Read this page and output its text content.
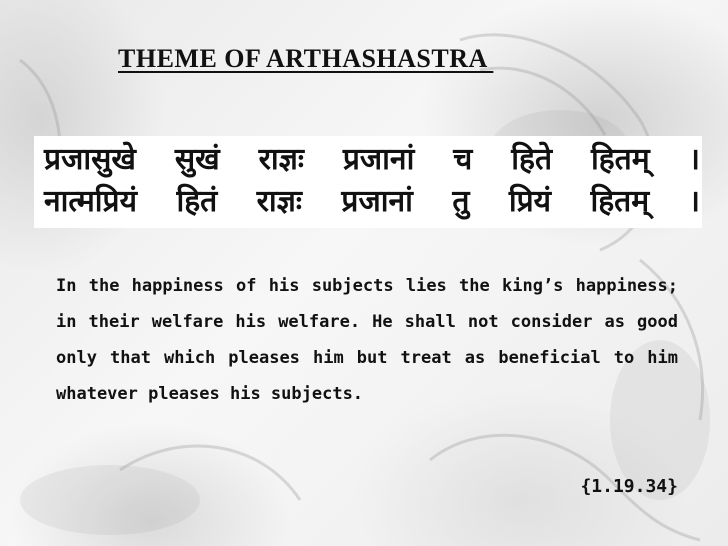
THEME OF ARTHASHASTRA

प्रजासुखे सुखं राज्ञः प्रजानां च हिते हितम् ।

नात्मप्रियं हितं राज्ञः प्रजानां तु प्रियं हितम् ।

In the happiness of his subjects lies the king’s happiness; in their welfare his welfare. He shall not consider as good only that which pleases him but treat as beneficial to him whatever pleases his subjects.

{1.19.34}
